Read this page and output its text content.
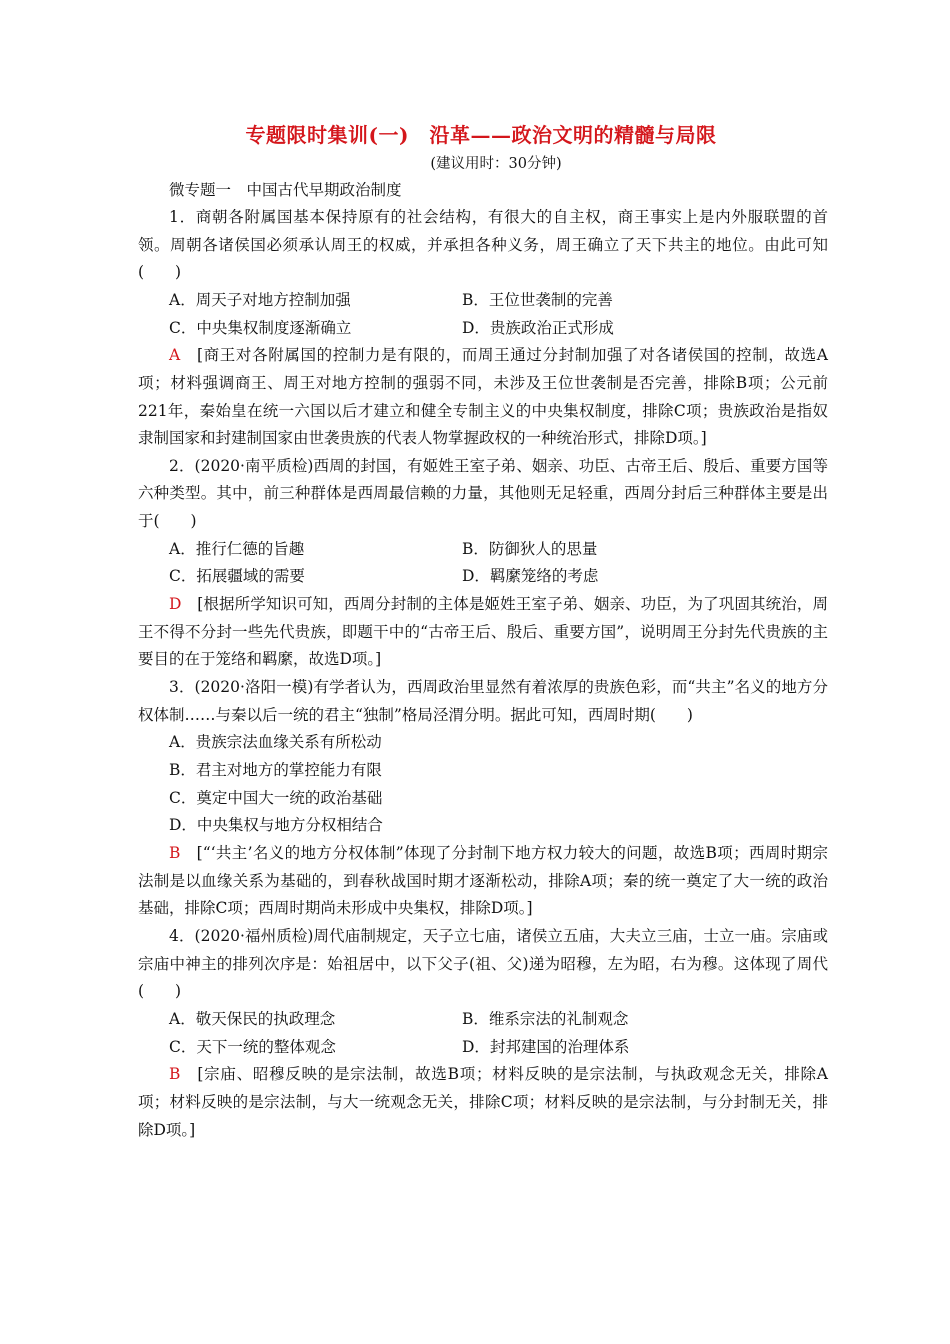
专题限时集训(一)　沿革——政治文明的精髓与局限
(建议用时：30分钟)
微专题一　中国古代早期政治制度

1．商朝各附属国基本保持原有的社会结构，有很大的自主权，商王事实上是内外服联盟的首领。周朝各诸侯国必须承认周王的权威，并承担各种义务，周王确立了天下共主的地位。由此可知(　　)

A．周天子对地方控制加强	B．王位世袭制的完善
C．中央集权制度逐渐确立	D．贵族政治正式形成

A　 [商王对各附属国的控制力是有限的，而周王通过分封制加强了对各诸侯国的控制，故选A项；材料强调商王、周王对地方控制的强弱不同，未涉及王位世袭制是否完善，排除B项；公元前221年，秦始皇在统一六国以后才建立和健全专制主义的中央集权制度，排除C项；贵族政治是指奴隶制国家和封建制国家由世袭贵族的代表人物掌握政权的一种统治形式，排除D项。]

2．(2020·南平质检)西周的封国，有姬姓王室子弟、姻亲、功臣、古帝王后、殷后、重要方国等六种类型。其中，前三种群体是西周最信赖的力量，其他则无足轻重，西周分封后三种群体主要是出于(　　)

A．推行仁德的旨趣	B．防御狄人的思量
C．拓展疆域的需要	D．羁縻笼络的考虑

D　 [根据所学知识可知，西周分封制的主体是姬姓王室子弟、姻亲、功臣，为了巩固其统治，周王不得不分封一些先代贵族，即题干中的“古帝王后、殷后、重要方国”，说明周王分封先代贵族的主要目的在于笼络和羁縻，故选D项。]

3．(2020·洛阳一模)有学者认为，西周政治里显然有着浓厚的贵族色彩，而“共主”名义的地方分权体制……与秦以后一统的君主“独制”格局泾渭分明。据此可知，西周时期(　　)

A．贵族宗法血缘关系有所松动
B．君主对地方的掌控能力有限
C．奠定中国大一统的政治基础
D．中央集权与地方分权相结合

B　 [“‘共主’名义的地方分权体制”体现了分封制下地方权力较大的问题，故选B项；西周时期宗法制是以血缘关系为基础的，到春秋战国时期才逐渐松动，排除A项；秦的统一奠定了大一统的政治基础，排除C项；西周时期尚未形成中央集权，排除D项。]

4．(2020·福州质检)周代庙制规定，天子立七庙，诸侯立五庙，大夫立三庙，士立一庙。宗庙或宗庙中神主的排列次序是：始祖居中，以下父子(祖、父)递为昭穆，左为昭，右为穆。这体现了周代(　　)

A．敬天保民的执政理念	B．维系宗法的礼制观念
C．天下一统的整体观念	D．封邦建国的治理体系

B　 [宗庙、昭穆反映的是宗法制，故选B项；材料反映的是宗法制，与执政观念无关，排除A项；材料反映的是宗法制，与大一统观念无关，排除C项；材料反映的是宗法制，与分封制无关，排除D项。]
